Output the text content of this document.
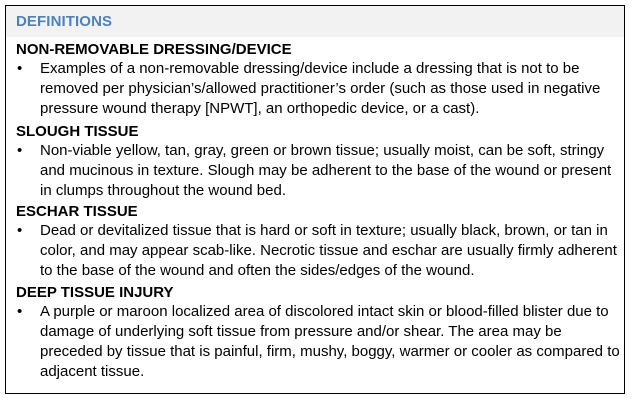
DEFINITIONS
NON-REMOVABLE DRESSING/DEVICE
• Examples of a non-removable dressing/device include a dressing that is not to be removed per physician’s/allowed practitioner’s order (such as those used in negative pressure wound therapy [NPWT], an orthopedic device, or a cast).
SLOUGH TISSUE
• Non-viable yellow, tan, gray, green or brown tissue; usually moist, can be soft, stringy and mucinous in texture. Slough may be adherent to the base of the wound or present in clumps throughout the wound bed.
ESCHAR TISSUE
• Dead or devitalized tissue that is hard or soft in texture; usually black, brown, or tan in color, and may appear scab-like. Necrotic tissue and eschar are usually firmly adherent to the base of the wound and often the sides/edges of the wound.
DEEP TISSUE INJURY
• A purple or maroon localized area of discolored intact skin or blood-filled blister due to damage of underlying soft tissue from pressure and/or shear. The area may be preceded by tissue that is painful, firm, mushy, boggy, warmer or cooler as compared to adjacent tissue.
